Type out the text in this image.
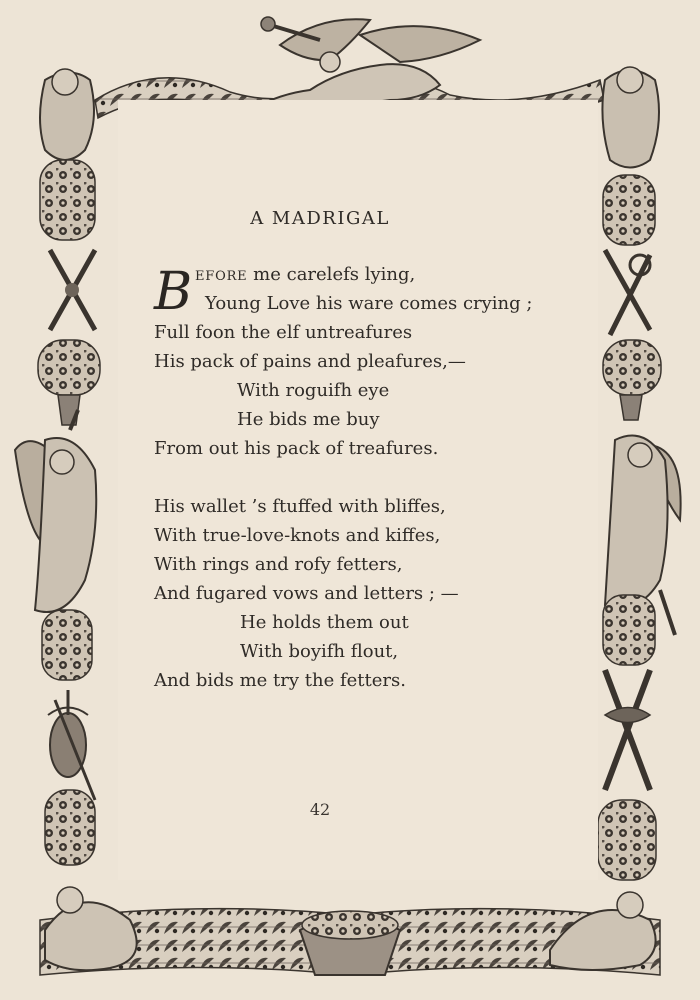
A MADRIGAL
B EFORE me carelefs lying,
Young Love his ware comes crying ;
Full foon the elf untreafures
His pack of pains and pleafures,—
With roguifh eye
He bids me buy
From out his pack of treafures.
His wallet ’s ftuffed with bliffes,
With true-love-knots and kiffes,
With rings and rofy fetters,
And fugared vows and letters ; —
He holds them out
With boyifh flout,
And bids me try the fetters.
42
